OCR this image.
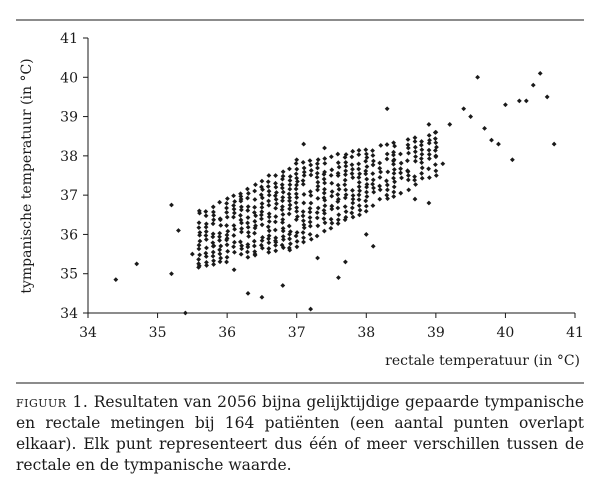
34	35	36	37	38	39	40	41
34
35
36
37
38
39
40
41
tympanische temperatuur (in °C)
rectale temperatuur (in °C)
figuur 1. Resultaten van 2056 bijna gelijktijdige gepaarde tympanische en rectale metingen bij 164 patiënten (een aantal punten overlapt elkaar). Elk punt representeert dus één of meer verschillen tussen de rectale en de tympanische waarde.
